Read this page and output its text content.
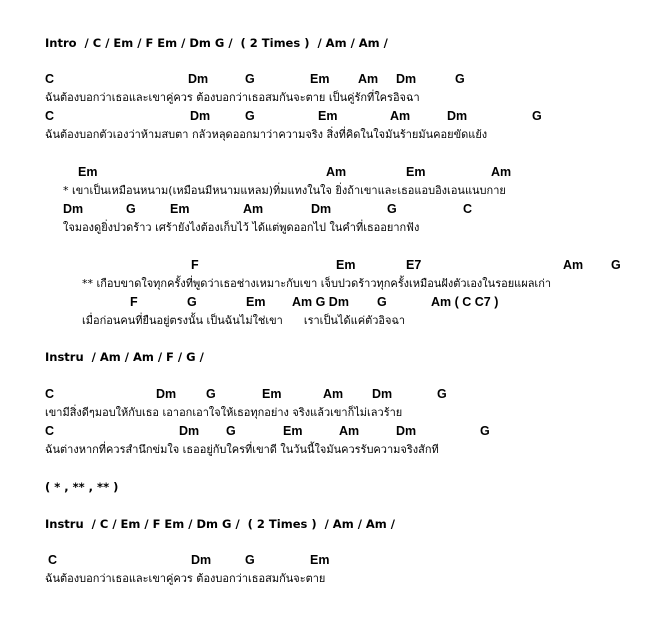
Intro  / C / Em / F Em / Dm G /  ( 2 Times )  / Am / Am /
C	Dm	G	Em Am Dm	G
ฉันต้องบอกว่าเธอและเขาคู่ควร ต้องบอกว่าเธอสมกันจะตาย เป็นคู่รักที่ใครอิจฉา
C	Dm	G	Em	Am	Dm	G
ฉันต้องบอกตัวเองว่าห้ามสบตา กลัวหลุดออกมาว่าความจริง สิ่งที่คิดในใจมันร้ายมันคอยขัดแย้ง
Em	Am	Em	Am
* เขาเป็นเหมือนหนาม(เหมือนมีหนามแหลม)ทิ่มแทงในใจ ยิ่งถ้าเขาและเธอแอบอิงเอนแนบกาย
Dm	G	Em	Am	Dm	G	C
ใจมองดูยิ่งปวดร้าว เศร้ายังไงต้องเก็บไว้ ได้แต่พูดออกไป ในคำที่เธออยากฟัง
F	Em	E7	Am G
** เกือบขาดใจทุกครั้งที่พูดว่าเธอช่างเหมาะกับเขา เจ็บปวดร้าวทุกครั้งเหมือนฝังตัวเองในรอยแผลเก่า
F	G	Em Am G Dm G	Am ( C C7 )
เมื่อก่อนคนที่ยืนอยู่ตรงนั้น เป็นฉันไม่ใช่เขา      เราเป็นได้แค่ตัวอิจฉา
Instru  / Am / Am / F / G /
C	Dm G	Em	Am Dm	G
เขามีสิ่งดีๆมอบให้กับเธอ เอาอกเอาใจให้เธอทุกอย่าง จริงแล้วเขาก็ไม่เลวร้าย
C	Dm G	Em	Am	Dm	G
ฉันต่างหากที่ควรสำนึกข่มใจ เธออยู่กับใครที่เขาดี ในวันนี้ใจมันควรรับความจริงสักที
( * , ** , ** )
Instru  / C / Em / F Em / Dm G /  ( 2 Times )  / Am / Am /
C	Dm	G	Em
ฉันต้องบอกว่าเธอและเขาคู่ควร ต้องบอกว่าเธอสมกันจะตาย
